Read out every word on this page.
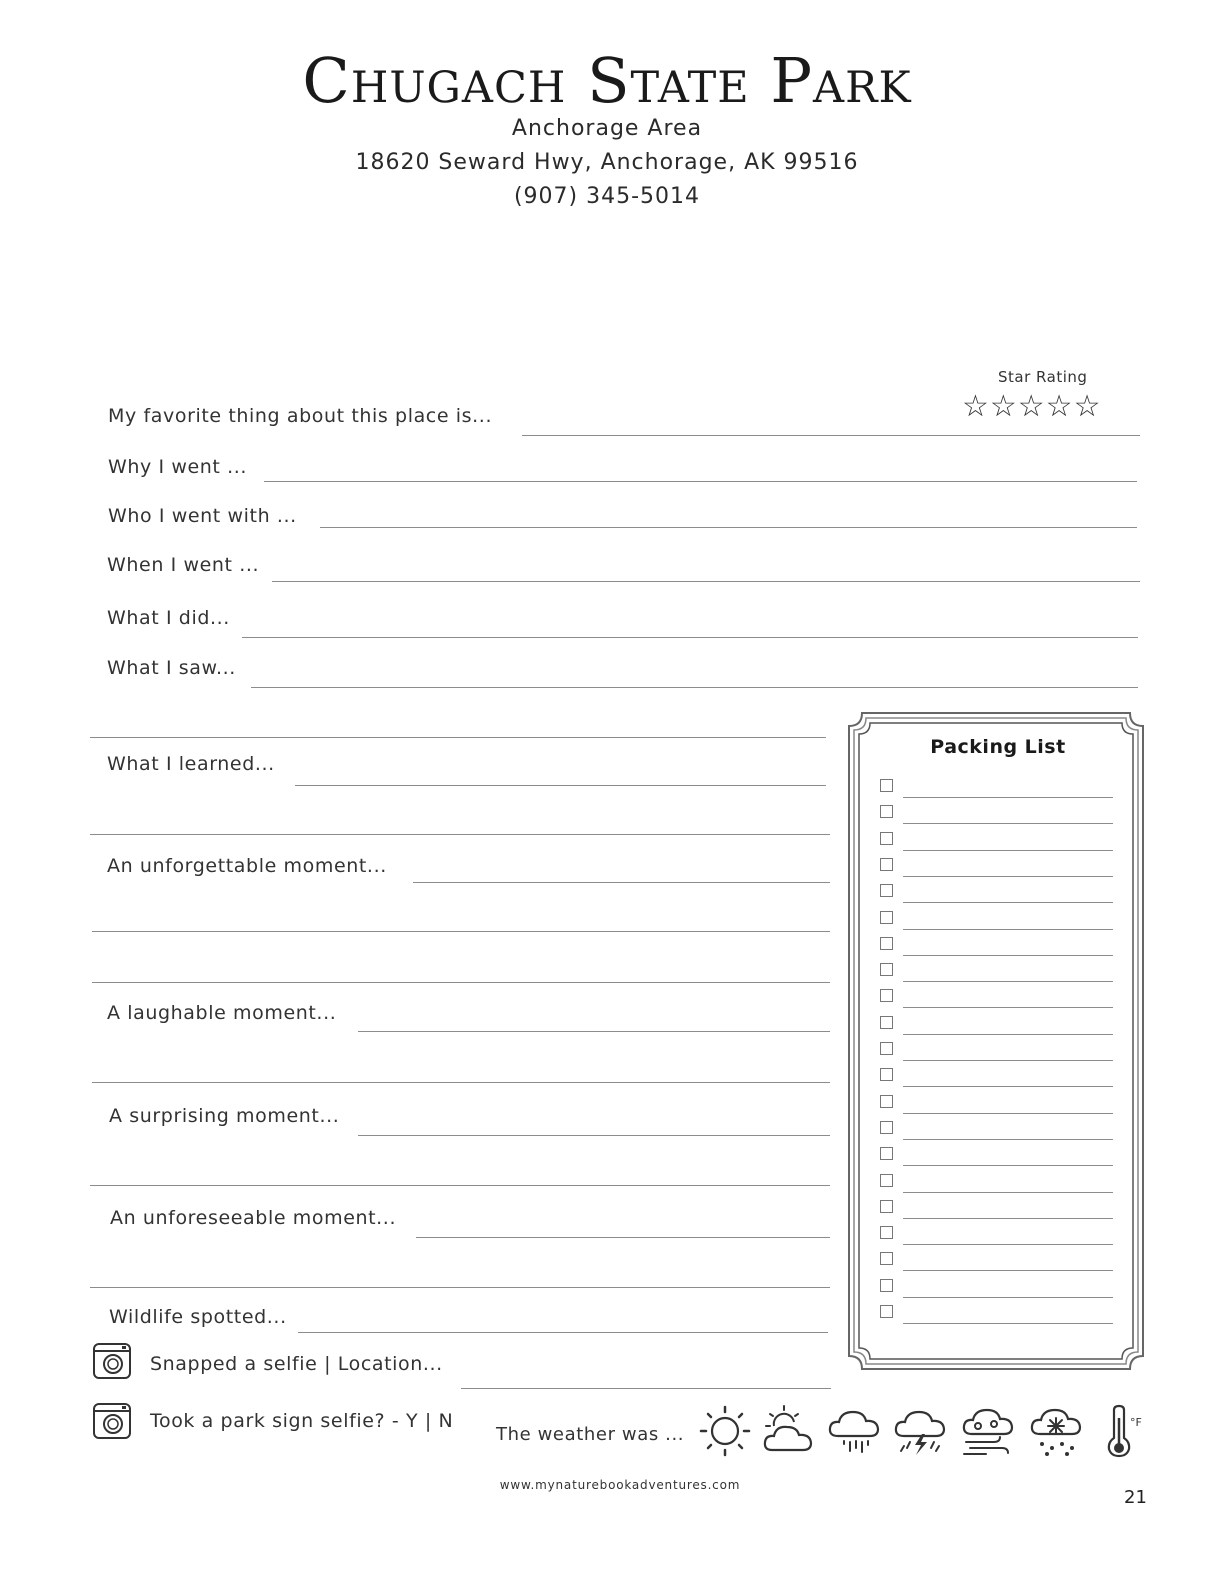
Chugach State Park
Anchorage Area
18620 Seward Hwy, Anchorage, AK 99516
(907) 345-5014
Star Rating
☆☆☆☆☆
My favorite thing about this place is...
Why I went ...
Who I went with ...
When I went ...
What I did...
What I saw...
What I learned...
An unforgettable moment...
A laughable moment...
A surprising moment...
An unforeseeable moment...
Wildlife spotted...
Snapped a selfie | Location...
Took a park sign selfie? - Y | N
The weather was ...
°F
Packing List
www.mynaturebookadventures.com
21
